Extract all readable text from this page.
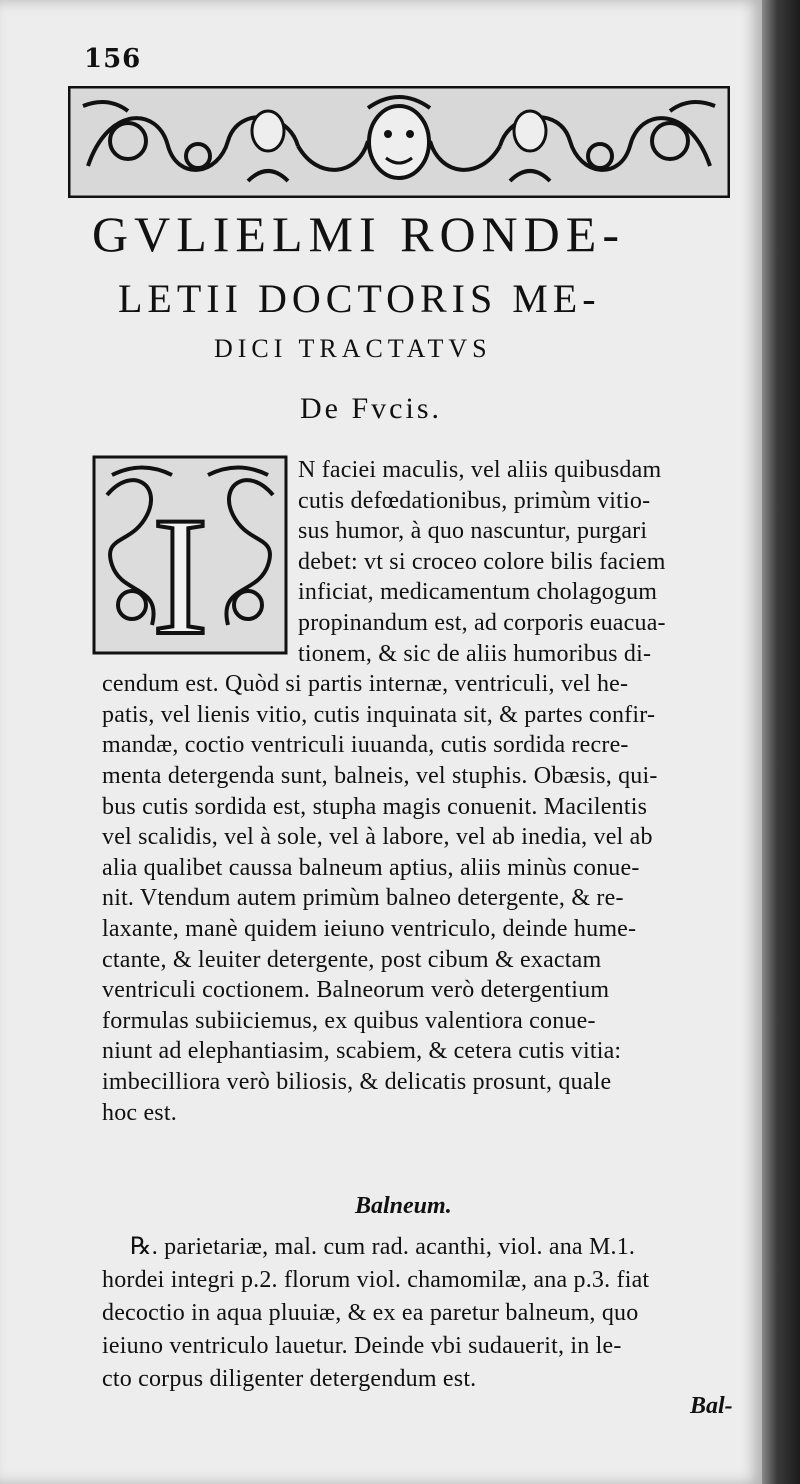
156
GVLIELMI RONDE-
LETII DOCTORIS ME-
DICI TRACTATVS
De Fvcis.
I

N faciei maculis, vel aliis quibusdam

cutis defœdationibus, primùm vitio-

sus humor, à quo nascuntur, purgari

debet: vt si croceo colore bilis faciem

inficiat, medicamentum cholagogum

propinandum est, ad corporis euacua-

tionem, & sic de aliis humoribus di-

cendum est. Quòd si partis internæ, ventriculi, vel he-

patis, vel lienis vitio, cutis inquinata sit, & partes confir-

mandæ, coctio ventriculi iuuanda, cutis sordida recre-

menta detergenda sunt, balneis, vel stuphis. Obæsis, qui-

bus cutis sordida est, stupha magis conuenit. Macilentis

vel scalidis, vel à sole, vel à labore, vel ab inedia, vel ab

alia qualibet caussa balneum aptius, aliis minùs conue-

nit. Vtendum autem primùm balneo detergente, & re-

laxante, manè quidem ieiuno ventriculo, deinde hume-

ctante, & leuiter detergente, post cibum & exactam

ventriculi coctionem. Balneorum verò detergentium

formulas subiiciemus, ex quibus valentiora conue-

niunt ad elephantiasim, scabiem, & cetera cutis vitia:

imbecilliora verò biliosis, & delicatis prosunt, quale

hoc est.

Balneum.

℞. parietariæ, mal. cum rad. acanthi, viol. ana M.1.

hordei integri p.2. florum viol. chamomilæ, ana p.3. fiat

decoctio in aqua pluuiæ, & ex ea paretur balneum, quo

ieiuno ventriculo lauetur. Deinde vbi sudauerit, in le-

cto corpus diligenter detergendum est.

Bal-
